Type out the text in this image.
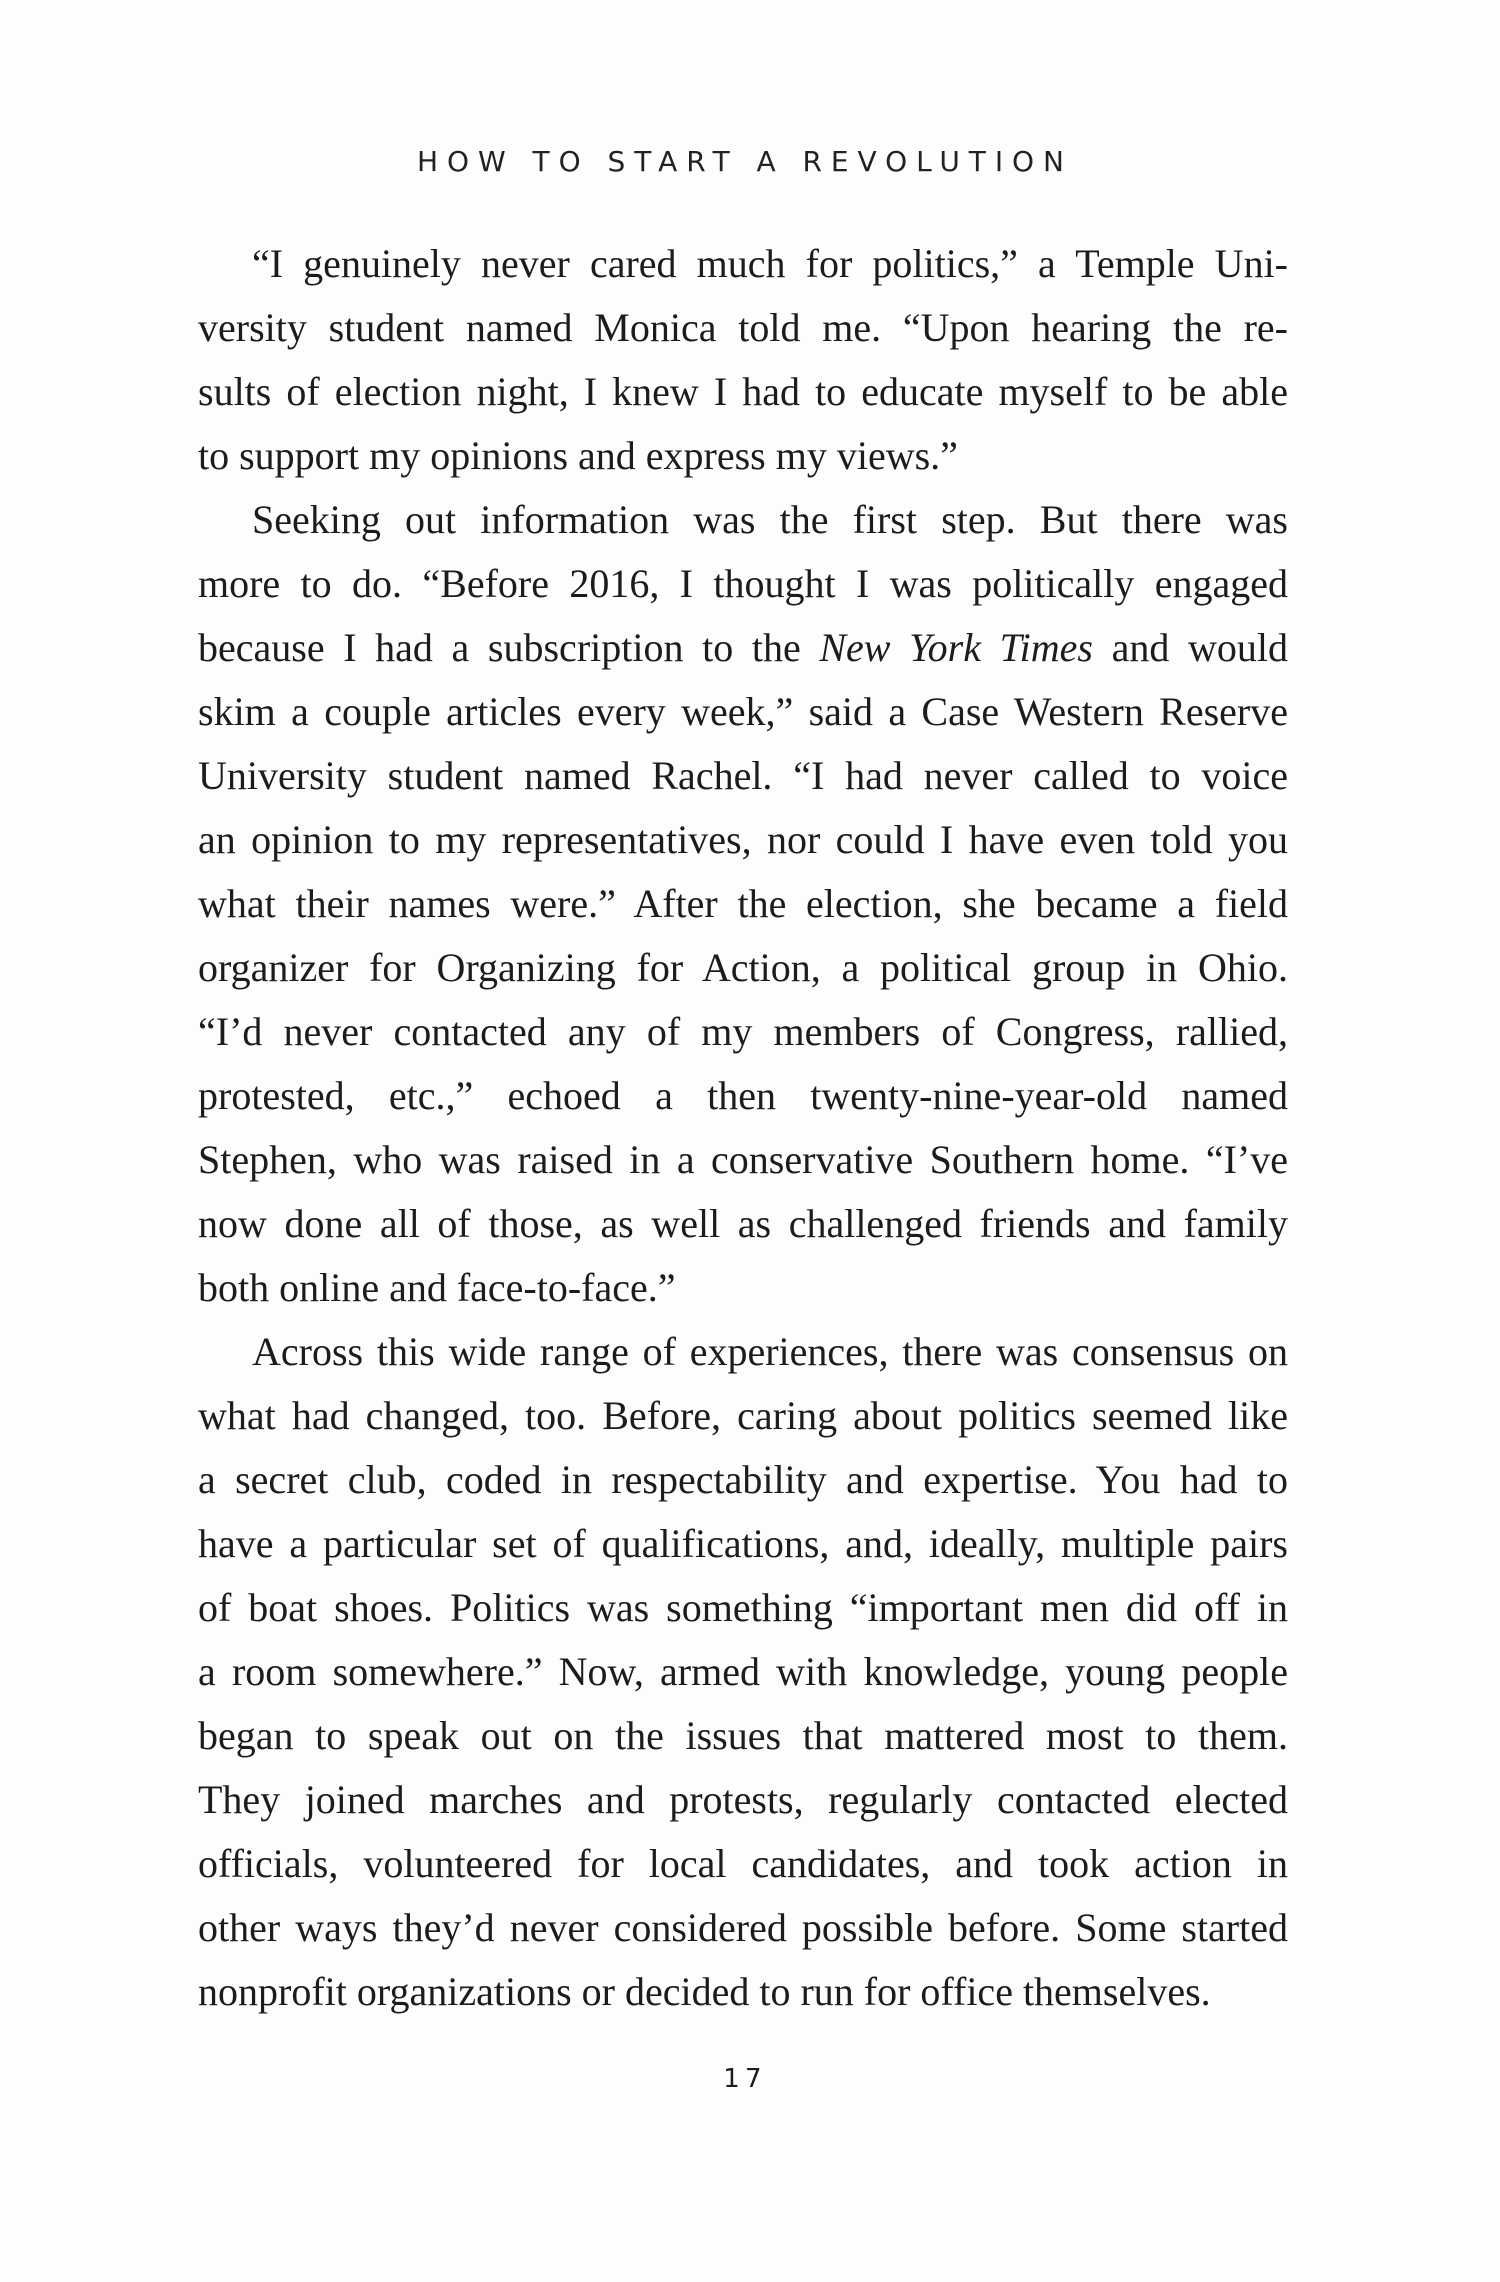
HOW TO START A REVOLUTION
“I genuinely never cared much for politics,” a Temple Uni-
versity student named Monica told me. “Upon hearing the re-
sults of election night, I knew I had to educate myself to be able
to support my opinions and express my views.”
Seeking out information was the first step. But there was
more to do. “Before 2016, I thought I was politically engaged
because I had a subscription to the New York Times and would
skim a couple articles every week,” said a Case Western Reserve
University student named Rachel. “I had never called to voice
an opinion to my representatives, nor could I have even told you
what their names were.” After the election, she became a field
organizer for Organizing for Action, a political group in Ohio.
“I’d never contacted any of my members of Congress, rallied,
protested, etc.,” echoed a then twenty-nine-year-old named
Stephen, who was raised in a conservative Southern home. “I’ve
now done all of those, as well as challenged friends and family
both online and face-to-face.”
Across this wide range of experiences, there was consensus on
what had changed, too. Before, caring about politics seemed like
a secret club, coded in respectability and expertise. You had to
have a particular set of qualifications, and, ideally, multiple pairs
of boat shoes. Politics was something “important men did off in
a room somewhere.” Now, armed with knowledge, young people
began to speak out on the issues that mattered most to them.
They joined marches and protests, regularly contacted elected
officials, volunteered for local candidates, and took action in
other ways they’d never considered possible before. Some started
nonprofit organizations or decided to run for office themselves.
17
